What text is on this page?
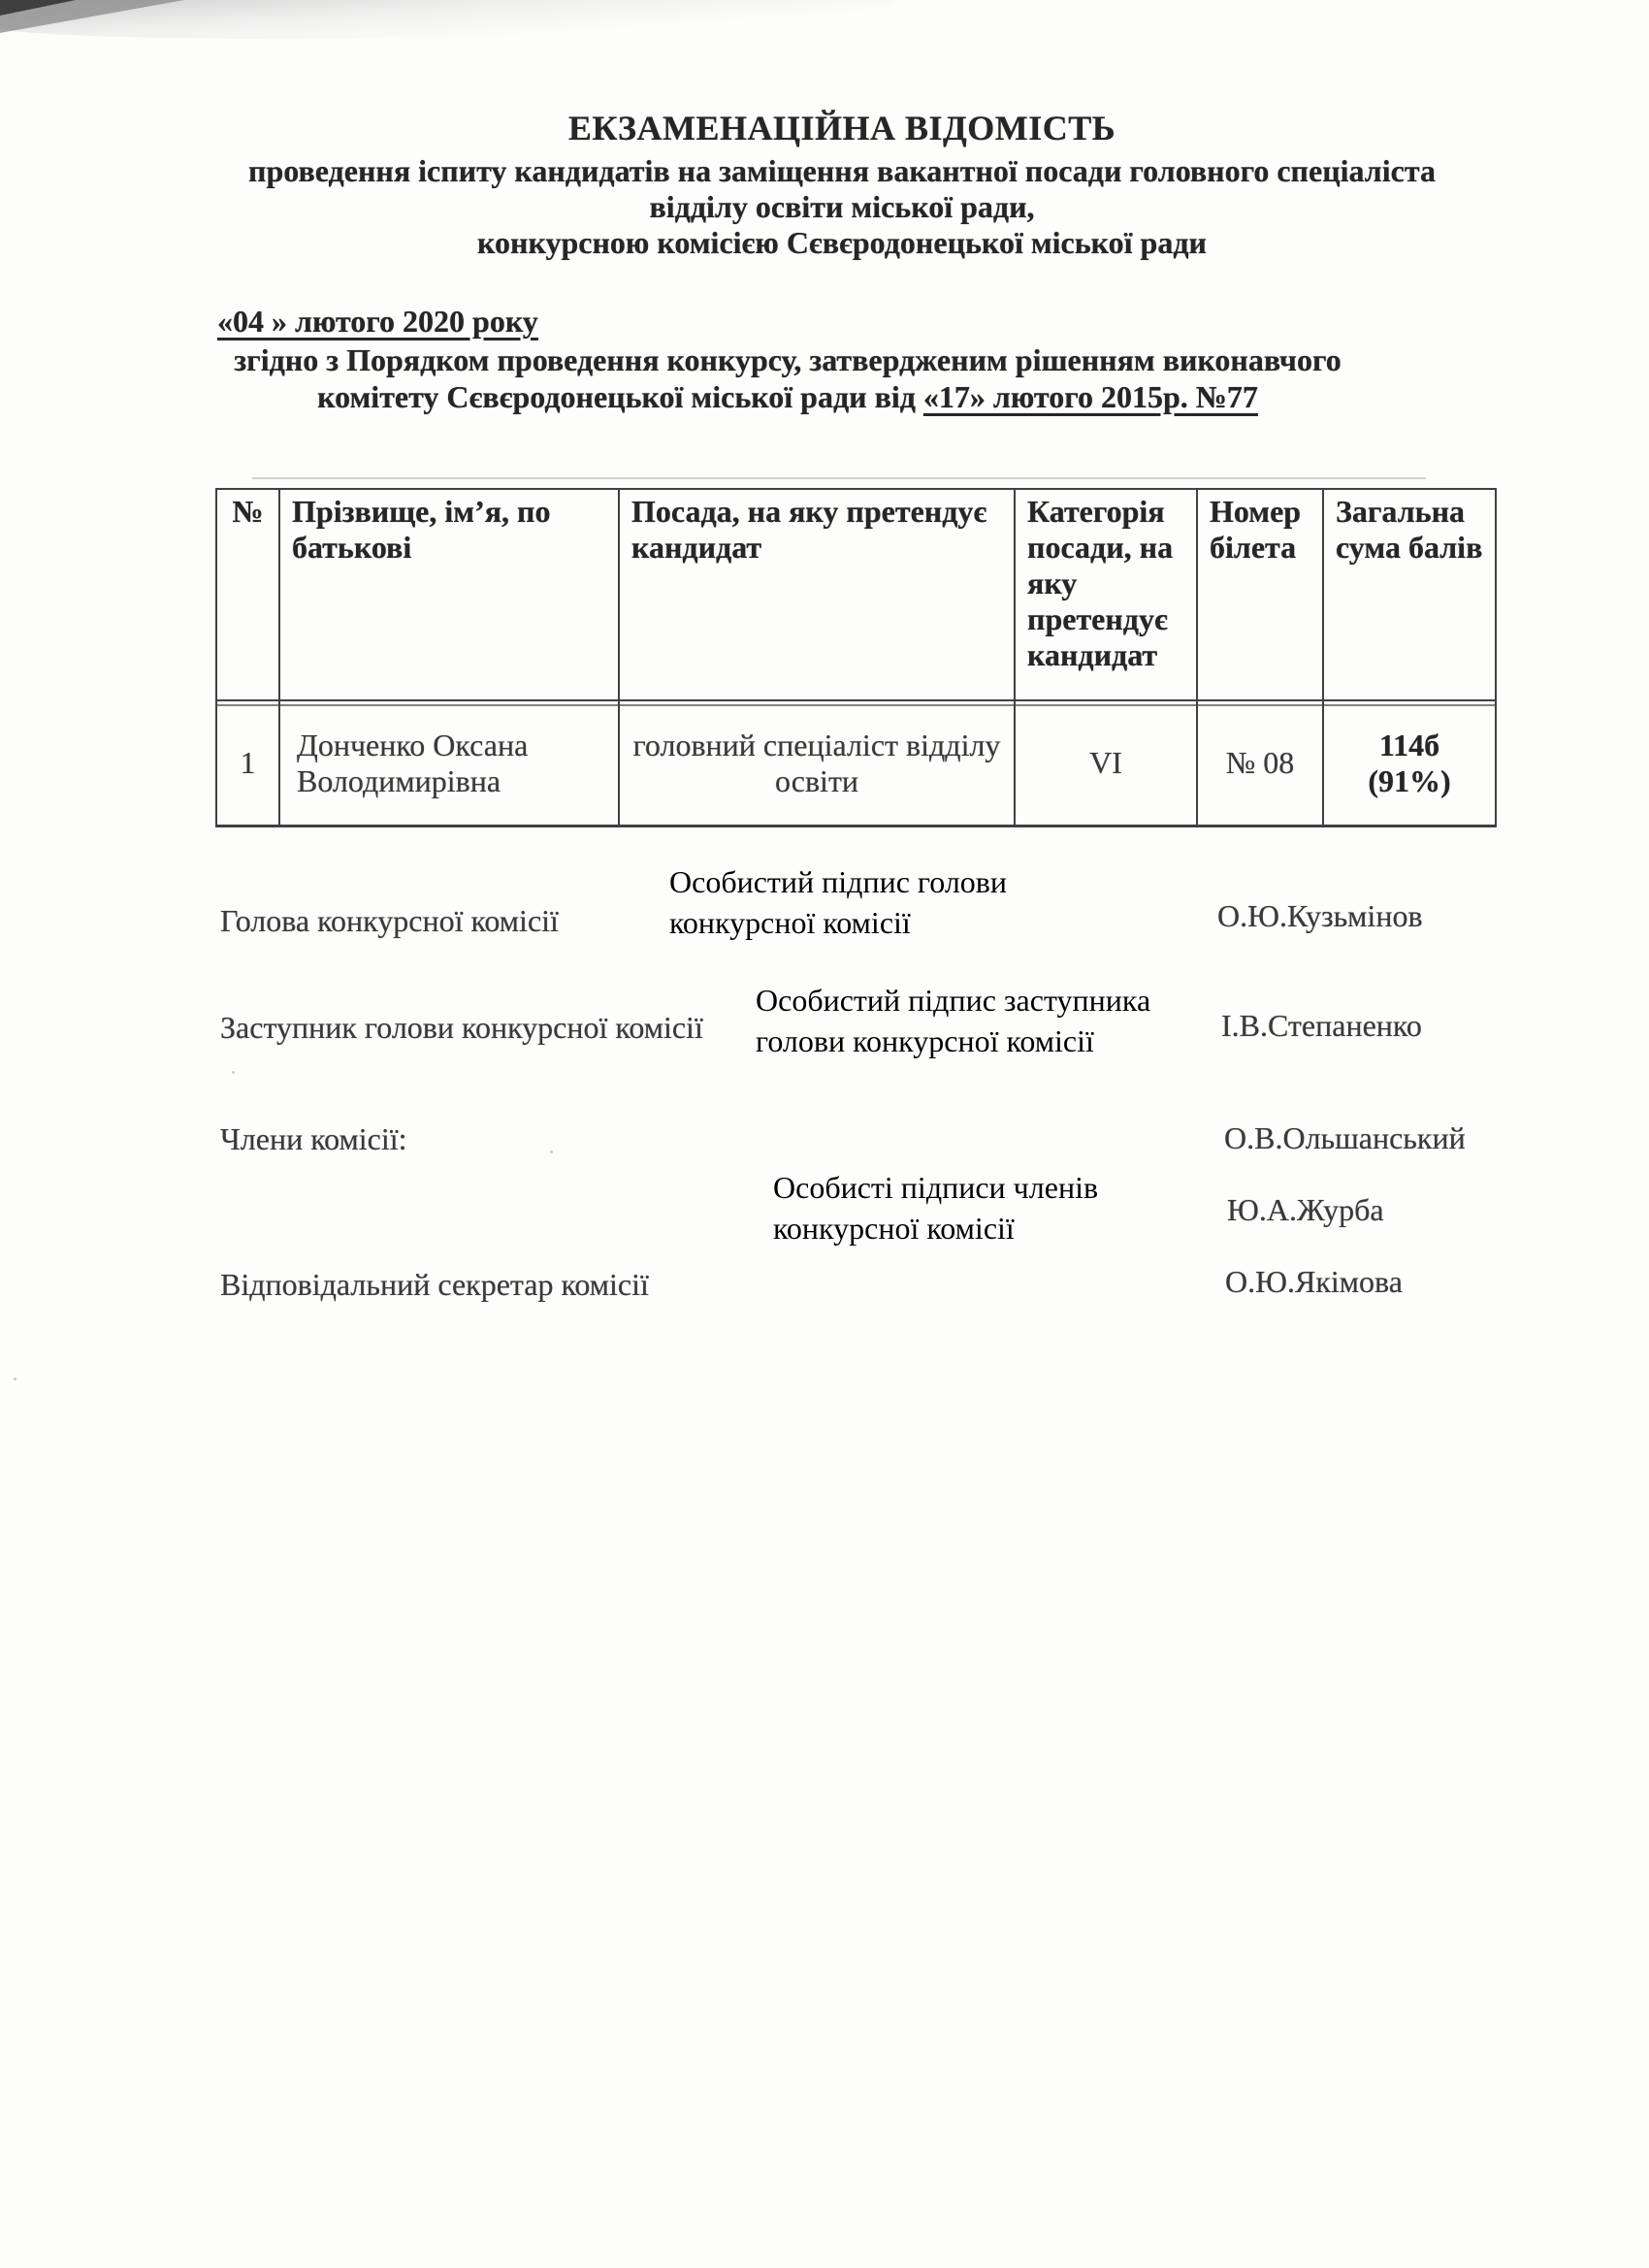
ЕКЗАМЕНАЦІЙНА ВІДОМІСТЬ
проведення іспиту кандидатів на заміщення вакантної посади головного спеціаліста
відділу освіти міської ради,
конкурсною комісією Сєвєродонецької міської ради
«04 » лютого 2020 року
згідно з Порядком проведення конкурсу, затвердженим рішенням виконавчого
комітету Сєвєродонецької міської ради від «17» лютого 2015р. №77
№	Прізвище, ім’я, по батькові	Посада, на яку претендує кандидат	Категорія посади, на яку претендує кандидат	Номер білета	Загальна сума балів
1	Донченко Оксана Володимирівна	головний спеціаліст відділу освіти	VI	№ 08	114б
(91%)
Голова конкурсної комісії
Особистий підпис голови
конкурсної комісії	О.Ю.Кузьмінов
Заступник голови конкурсної комісії
Особистий підпис заступника
голови конкурсної комісії	І.В.Степаненко
Члени комісії:	О.В.Ольшанський
Особисті підписи членів
конкурсної комісії
Ю.А.Журба
Відповідальний секретар комісії	О.Ю.Якімова
